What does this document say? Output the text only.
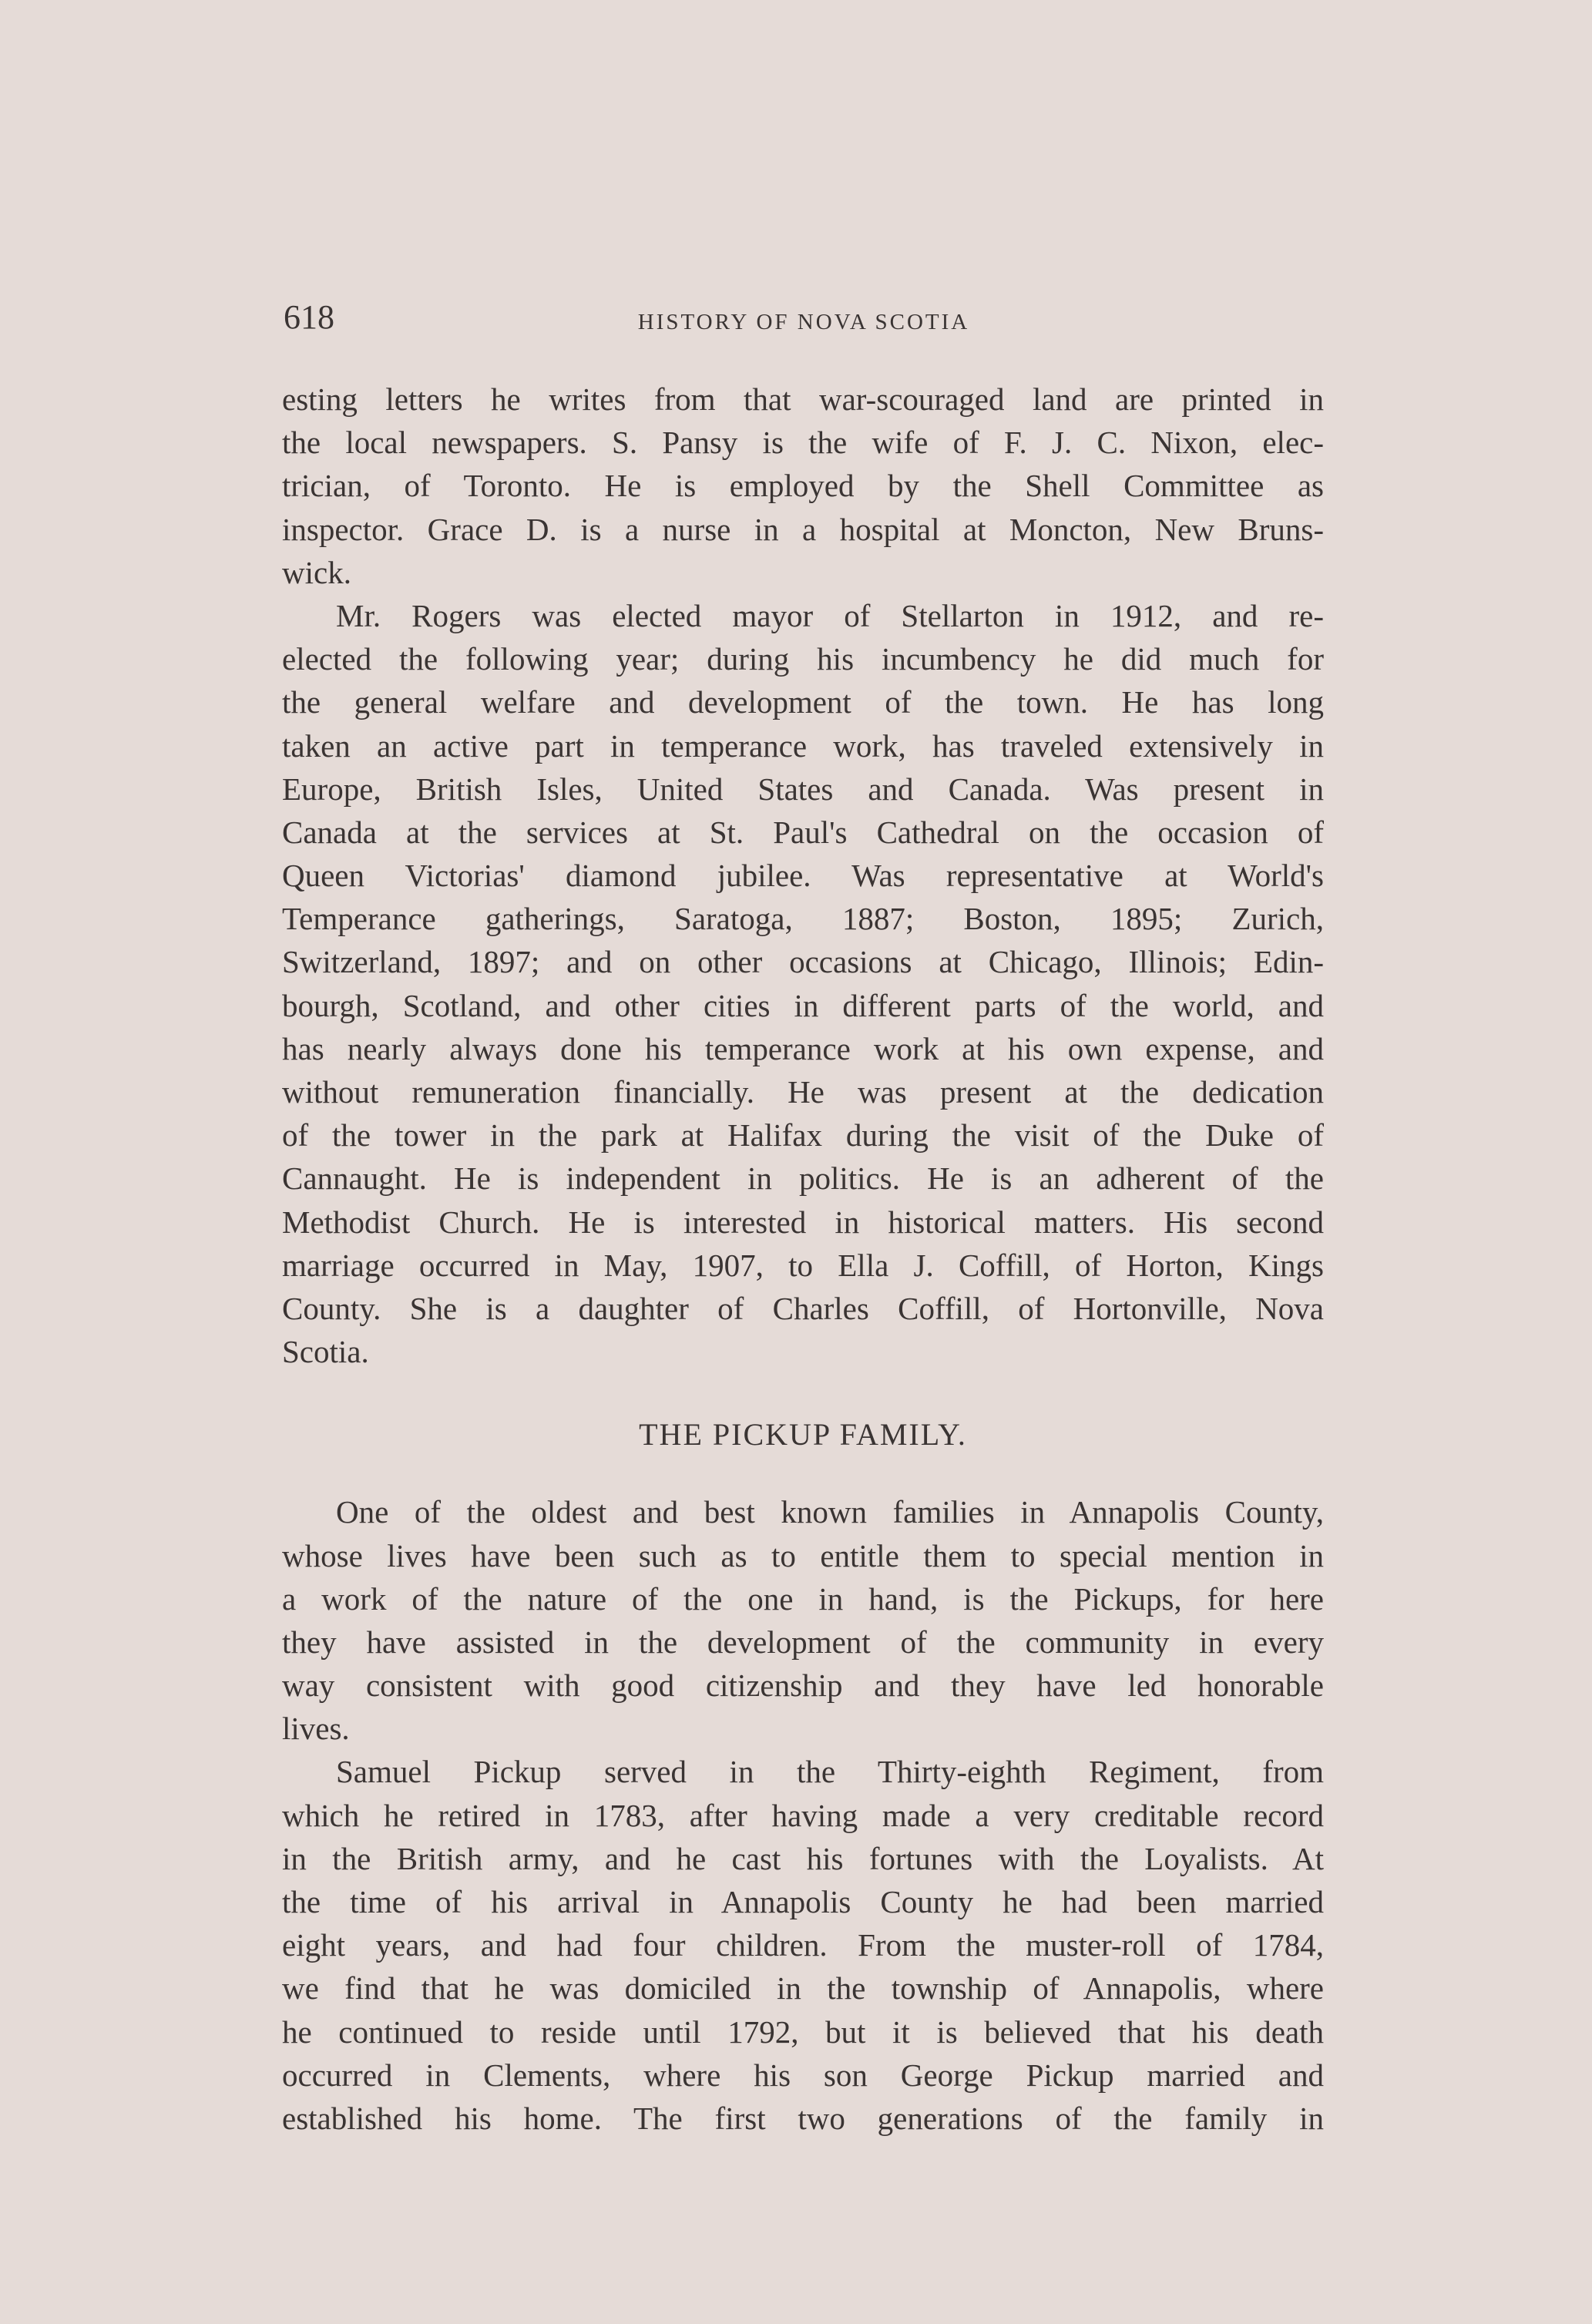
618	HISTORY OF NOVA SCOTIA
esting letters he writes from that war-scouraged land are printed in
the local newspapers. S. Pansy is the wife of F. J. C. Nixon, elec-
trician, of Toronto. He is employed by the Shell Committee as
inspector. Grace D. is a nurse in a hospital at Moncton, New Bruns-
wick.
Mr. Rogers was elected mayor of Stellarton in 1912, and re-
elected the following year; during his incumbency he did much for
the general welfare and development of the town. He has long
taken an active part in temperance work, has traveled extensively in
Europe, British Isles, United States and Canada. Was present in
Canada at the services at St. Paul's Cathedral on the occasion of
Queen Victorias' diamond jubilee. Was representative at World's
Temperance gatherings, Saratoga, 1887; Boston, 1895; Zurich,
Switzerland, 1897; and on other occasions at Chicago, Illinois; Edin-
bourgh, Scotland, and other cities in different parts of the world, and
has nearly always done his temperance work at his own expense, and
without remuneration financially. He was present at the dedication
of the tower in the park at Halifax during the visit of the Duke of
Cannaught. He is independent in politics. He is an adherent of the
Methodist Church. He is interested in historical matters. His second
marriage occurred in May, 1907, to Ella J. Coffill, of Horton, Kings
County. She is a daughter of Charles Coffill, of Hortonville, Nova
Scotia.
THE PICKUP FAMILY.
One of the oldest and best known families in Annapolis County,
whose lives have been such as to entitle them to special mention in
a work of the nature of the one in hand, is the Pickups, for here
they have assisted in the development of the community in every
way consistent with good citizenship and they have led honorable
lives.
Samuel Pickup served in the Thirty-eighth Regiment, from
which he retired in 1783, after having made a very creditable record
in the British army, and he cast his fortunes with the Loyalists. At
the time of his arrival in Annapolis County he had been married
eight years, and had four children. From the muster-roll of 1784,
we find that he was domiciled in the township of Annapolis, where
he continued to reside until 1792, but it is believed that his death
occurred in Clements, where his son George Pickup married and
established his home. The first two generations of the family in
